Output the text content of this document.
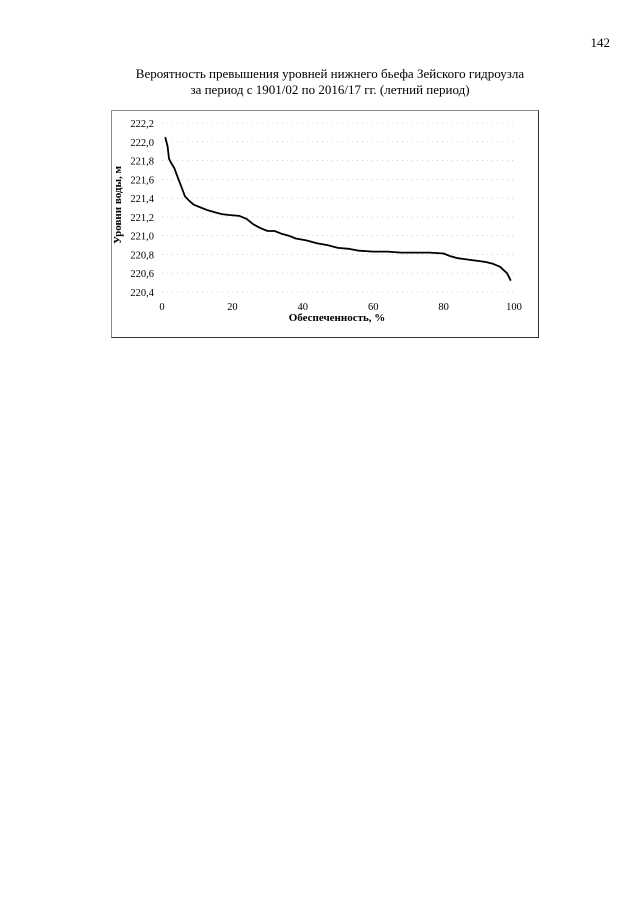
142
Вероятность превышения уровней нижнего бьефа Зейского гидроузла
за период с 1901/02 по 2016/17 гг. (летний период)
220,4
220,6
220,8
221,0
221,2
221,4
221,6
221,8
222,0
222,2
0	20	40	60	80	100
Обеспеченность, %
Уровни воды, м
